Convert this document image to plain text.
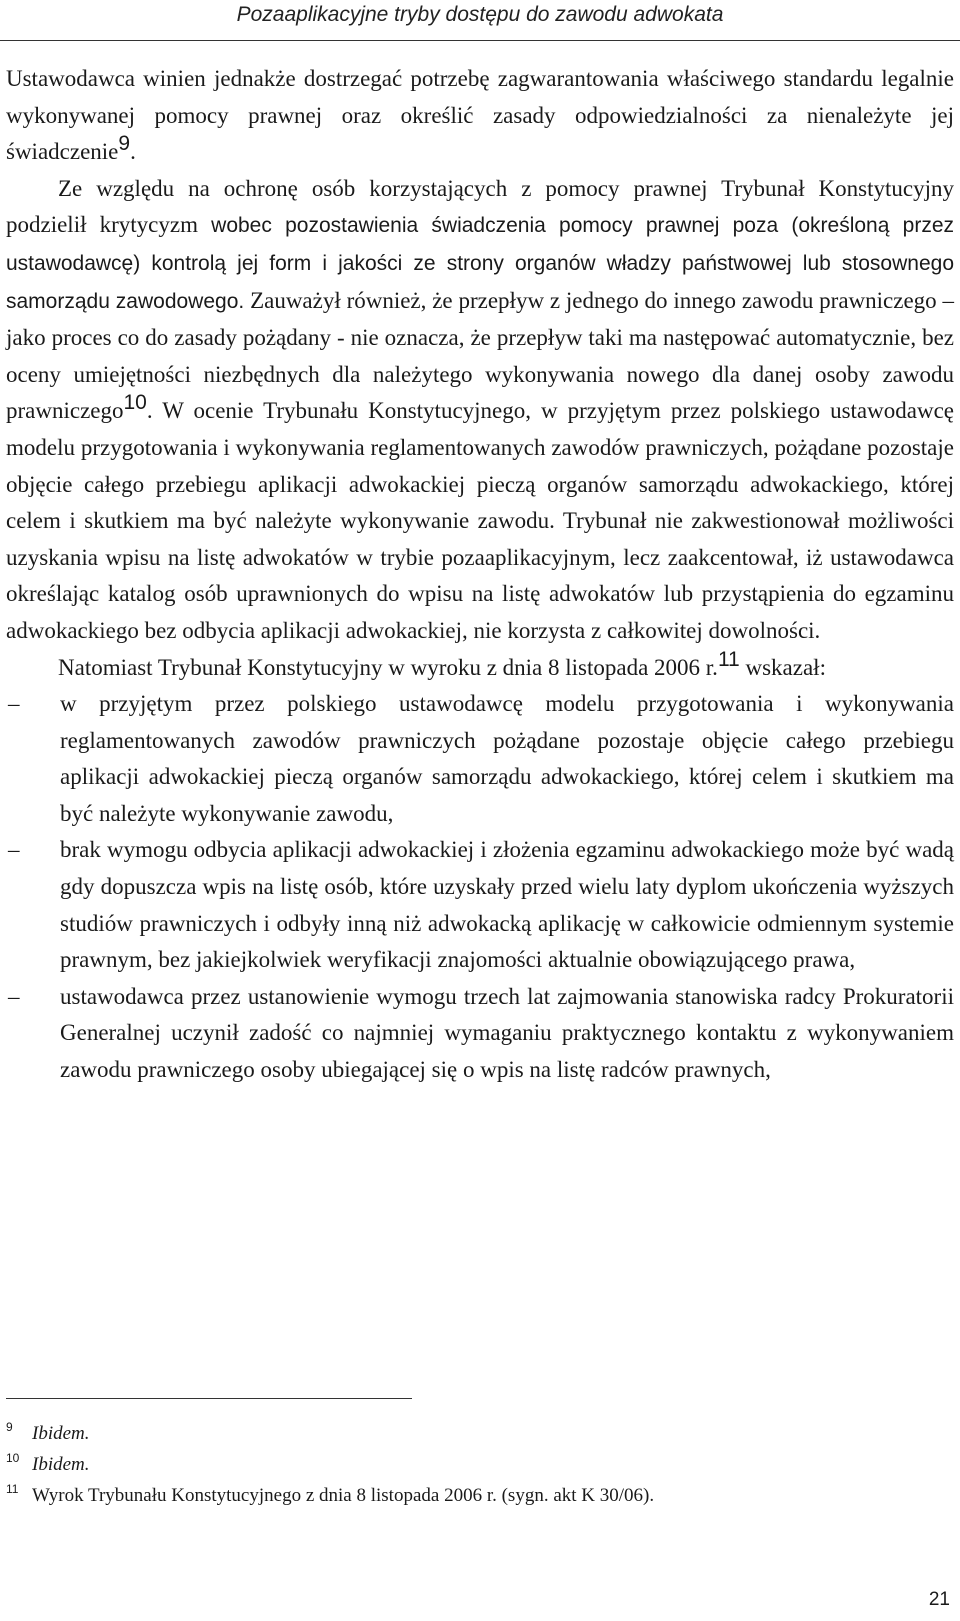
Pozaaplikacyjne tryby dostępu do zawodu adwokata

Ustawodawca winien jednakże dostrzegać potrzebę zagwarantowania właściwego standardu legalnie wykonywanej pomocy prawnej oraz określić zasady odpowiedzialności za nienależyte jej świadczenie$^9$.

Ze względu na ochronę osób korzystających z pomocy prawnej Trybunał Konstytucyjny podzielił krytycyzm wobec pozostawienia świadczenia pomocy prawnej poza (określoną przez ustawodawcę) kontrolą jej form i jakości ze strony organów władzy państwowej lub stosownego samorządu zawodowego. Zauważył również, że przepływ z jednego do innego zawodu prawniczego – jako proces co do zasady pożądany - nie oznacza, że przepływ taki ma następować automatycznie, bez oceny umiejętności niezbędnych dla należytego wykonywania nowego dla danej osoby zawodu prawniczego$^{10}$. W ocenie Trybunału Konstytucyjnego, w przyjętym przez polskiego ustawodawcę modelu przygotowania i wykonywania reglamentowanych zawodów prawniczych, pożądane pozostaje objęcie całego przebiegu aplikacji adwokackiej pieczą organów samorządu adwokackiego, której celem i skutkiem ma być należyte wykonywanie zawodu. Trybunał nie zakwestionował możliwości uzyskania wpisu na listę adwokatów w trybie pozaaplikacyjnym, lecz zaakcentował, iż ustawodawca określając katalog osób uprawnionych do wpisu na listę adwokatów lub przystąpienia do egzaminu adwokackiego bez odbycia aplikacji adwokackiej, nie korzysta z całkowitej dowolności.

Natomiast Trybunał Konstytucyjny w wyroku z dnia 8 listopada 2006 r.$^{11}$ wskazał:

– w przyjętym przez polskiego ustawodawcę modelu przygotowania i wykonywania reglamentowanych zawodów prawniczych pożądane pozostaje objęcie całego przebiegu aplikacji adwokackiej pieczą organów samorządu adwokackiego, której celem i skutkiem ma być należyte wykonywanie zawodu,
– brak wymogu odbycia aplikacji adwokackiej i złożenia egzaminu adwokackiego może być wadą gdy dopuszcza wpis na listę osób, które uzyskały przed wielu laty dyplom ukończenia wyższych studiów prawniczych i odbyły inną niż adwokacką aplikację w całkowicie odmiennym systemie prawnym, bez jakiejkolwiek weryfikacji znajomości aktualnie obowiązującego prawa,
– ustawodawca przez ustanowienie wymogu trzech lat zajmowania stanowiska radcy Prokuratorii Generalnej uczynił zadość co najmniej wymaganiu praktycznego kontaktu z wykonywaniem zawodu prawniczego osoby ubiegającej się o wpis na listę radców prawnych,
9 Ibidem.
10 Ibidem.
11 Wyrok Trybunału Konstytucyjnego z dnia 8 listopada 2006 r. (sygn. akt K 30/06).
21
